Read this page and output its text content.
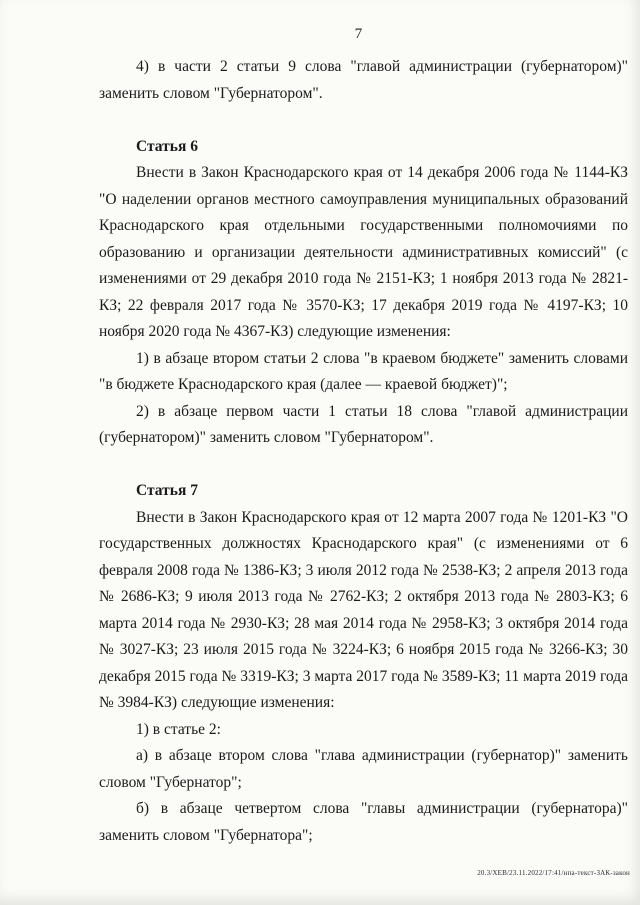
7

4) в части 2 статьи 9 слова "главой администрации (губернатором)" заменить словом "Губернатором".

Статья 6

Внести в Закон Краснодарского края от 14 декабря 2006 года № 1144-КЗ "О наделении органов местного самоуправления муниципальных образований Краснодарского края отдельными государственными полномочиями по образованию и организации деятельности административных комиссий" (с изменениями от 29 декабря 2010 года № 2151-КЗ; 1 ноября 2013 года № 2821-КЗ; 22 февраля 2017 года № 3570-КЗ; 17 декабря 2019 года № 4197-КЗ; 10 ноября 2020 года № 4367-КЗ) следующие изменения:

1) в абзаце втором статьи 2 слова "в краевом бюджете" заменить словами "в бюджете Краснодарского края (далее — краевой бюджет)";

2) в абзаце первом части 1 статьи 18 слова "главой администрации (губернатором)" заменить словом "Губернатором".

Статья 7

Внести в Закон Краснодарского края от 12 марта 2007 года № 1201-КЗ "О государственных должностях Краснодарского края" (с изменениями от 6 февраля 2008 года № 1386-КЗ; 3 июля 2012 года № 2538-КЗ; 2 апреля 2013 года № 2686-КЗ; 9 июля 2013 года № 2762-КЗ; 2 октября 2013 года № 2803-КЗ; 6 марта 2014 года № 2930-КЗ; 28 мая 2014 года № 2958-КЗ; 3 октября 2014 года № 3027-КЗ; 23 июля 2015 года № 3224-КЗ; 6 ноября 2015 года № 3266-КЗ; 30 декабря 2015 года № 3319-КЗ; 3 марта 2017 года № 3589-КЗ; 11 марта 2019 года № 3984-КЗ) следующие изменения:

1) в статье 2:

а) в абзаце втором слова "глава администрации (губернатор)" заменить словом "Губернатор";

б) в абзаце четвертом слова "главы администрации (губернатора)" заменить словом "Губернатора";

20.3/ХЕВ/23.11.2022/17:41/нпа-текст-ЗАК-закон
